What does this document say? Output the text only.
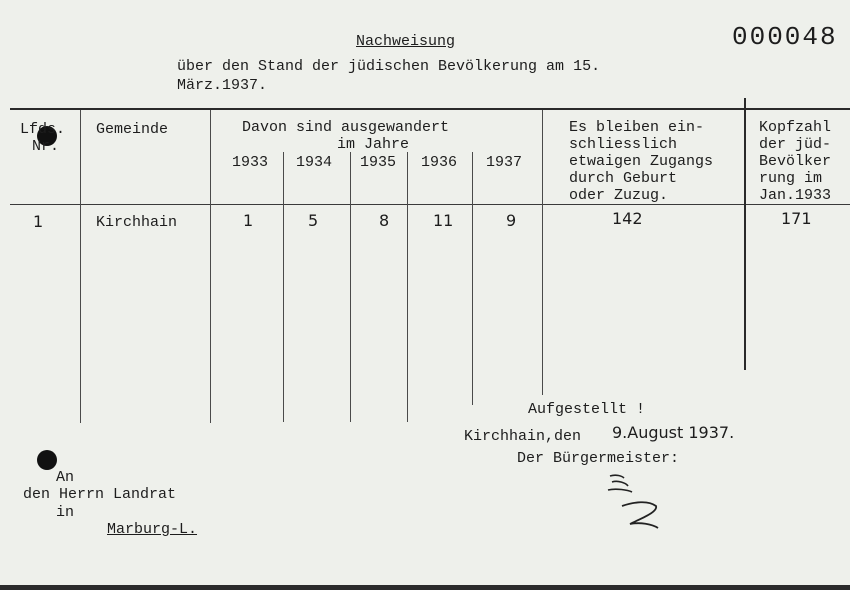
Nachweisung
über den Stand der jüdischen Bevölkerung am 15.
März.1937.
000048
Lfds.
Nr.
Gemeinde	Davon sind ausgewandert
im Jahre
1933 1934 1935 1936 1937
Es bleiben ein-
schliesslich
etwaigen Zugangs
durch Geburt
oder Zuzug.
Kopfzahl
der jüd-
Bevölker
rung im
Jan.1933
1	Kirchhain	1	5	8	11	9	142	171
Aufgestellt !
Kirchhain,den 9.August 1937.
Der Bürgermeister:
An
den Herrn Landrat
in
Marburg-L.
